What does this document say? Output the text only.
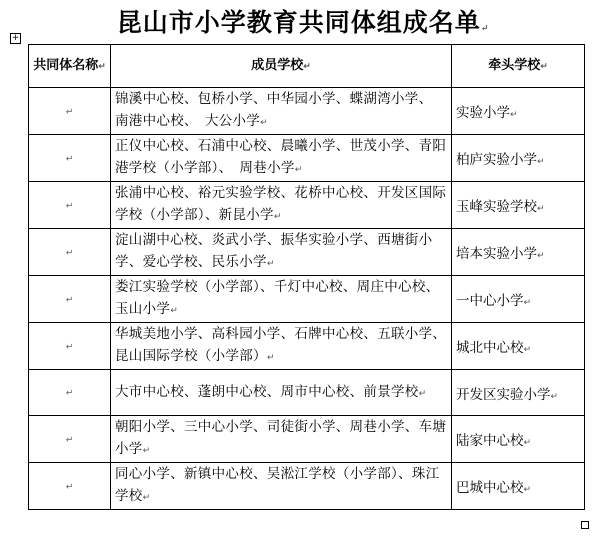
昆山市小学教育共同体组成名单↵
+
共同体名称↵	成员学校↵	牵头学校↵
↵	锦溪中心校、包桥小学、中华园小学、蝶湖湾小学、　　南港中心校、　大公小学↵	实验小学↵
↵	正仪中心校、石浦中心校、晨曦小学、世茂小学、青阳港学校（小学部）、　周巷小学↵	柏庐实验小学↵
↵	张浦中心校、裕元实验学校、花桥中心校、开发区国际学校（小学部）、新昆小学↵	玉峰实验学校↵
↵	淀山湖中心校、炎武小学、振华实验小学、西塘街小学、爱心学校、民乐小学↵	培本实验小学↵
↵	娄江实验学校（小学部）、千灯中心校、周庄中心校、玉山小学↵	一中心小学↵
↵	华城美地小学、高科园小学、石牌中心校、五联小学、　昆山国际学校（小学部）↵	城北中心校↵
↵	大市中心校、蓬朗中心校、周市中心校、前景学校↵	开发区实验小学↵
↵	朝阳小学、三中心小学、司徒街小学、周巷小学、车塘小学↵	陆家中心校↵
↵	同心小学、新镇中心校、吴淞江学校（小学部）、珠江学校↵	巴城中心校↵
